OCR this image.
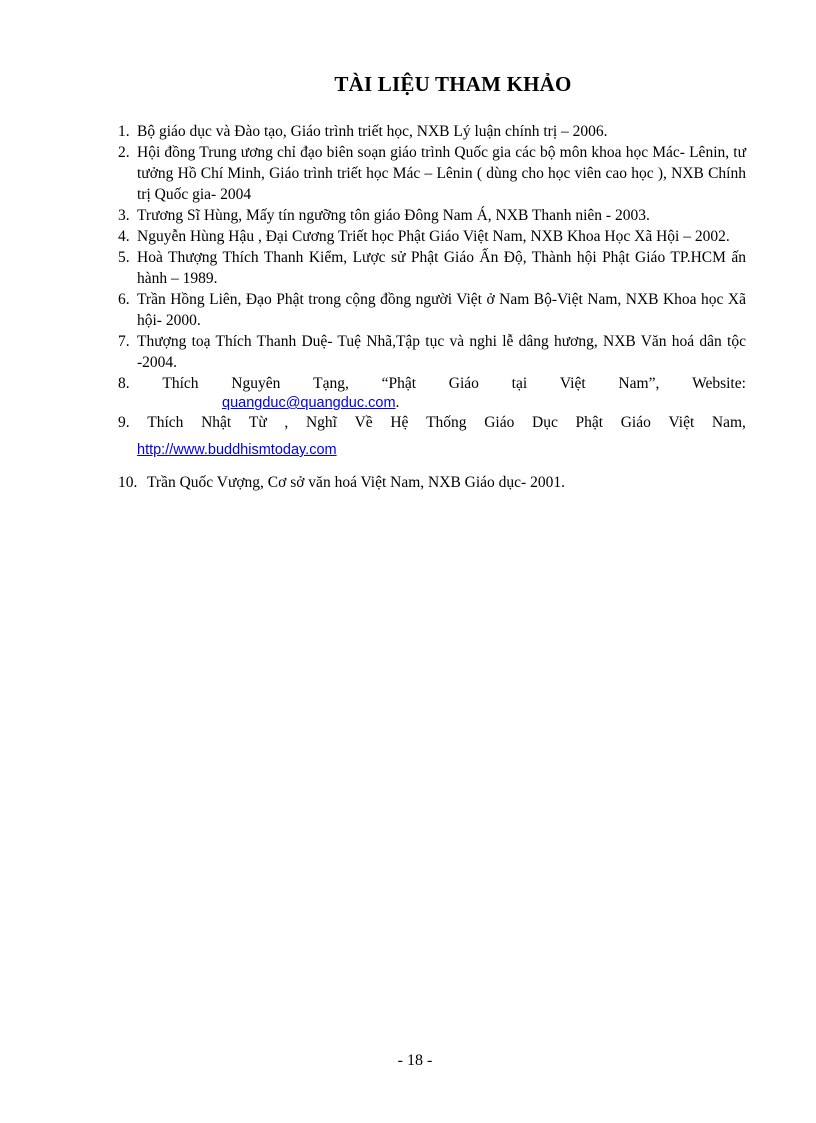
TÀI LIỆU THAM KHẢO
1. Bộ giáo dục và Đào tạo, Giáo trình triết học, NXB Lý luận chính trị – 2006.
2. Hội đồng Trung ương chỉ đạo biên soạn giáo trình Quốc gia các bộ môn khoa học Mác- Lênin, tư tưởng Hồ Chí Minh, Giáo trình triết học Mác – Lênin ( dùng cho học viên cao học ), NXB Chính trị Quốc gia- 2004
3. Trương Sĩ Hùng, Mấy tín ngưỡng tôn giáo Đông Nam Á, NXB Thanh niên - 2003.
4. Nguyễn Hùng Hậu , Đại Cương Triết học Phật Giáo Việt Nam, NXB Khoa Học Xã Hội – 2002.
5. Hoà Thượng Thích Thanh Kiểm, Lược sử Phật Giáo Ấn Độ, Thành hội Phật Giáo TP.HCM ấn hành – 1989.
6. Trần Hồng Liên, Đạo Phật trong cộng đồng người Việt ở Nam Bộ-Việt Nam, NXB Khoa học Xã hội- 2000.
7. Thượng toạ Thích Thanh Duệ- Tuệ Nhã,Tập tục và nghi lễ dâng hương, NXB Văn hoá dân tộc -2004.
8. Thích Nguyên Tạng, “Phật Giáo tại Việt Nam”, Website:
quangduc@quangduc.com.
9. Thích Nhật Từ , Nghĩ Về Hệ Thống Giáo Dục Phật Giáo Việt Nam,
http://www.buddhismtoday.com
10. Trần Quốc Vượng, Cơ sở văn hoá Việt Nam, NXB Giáo dục- 2001.
- 18 -
